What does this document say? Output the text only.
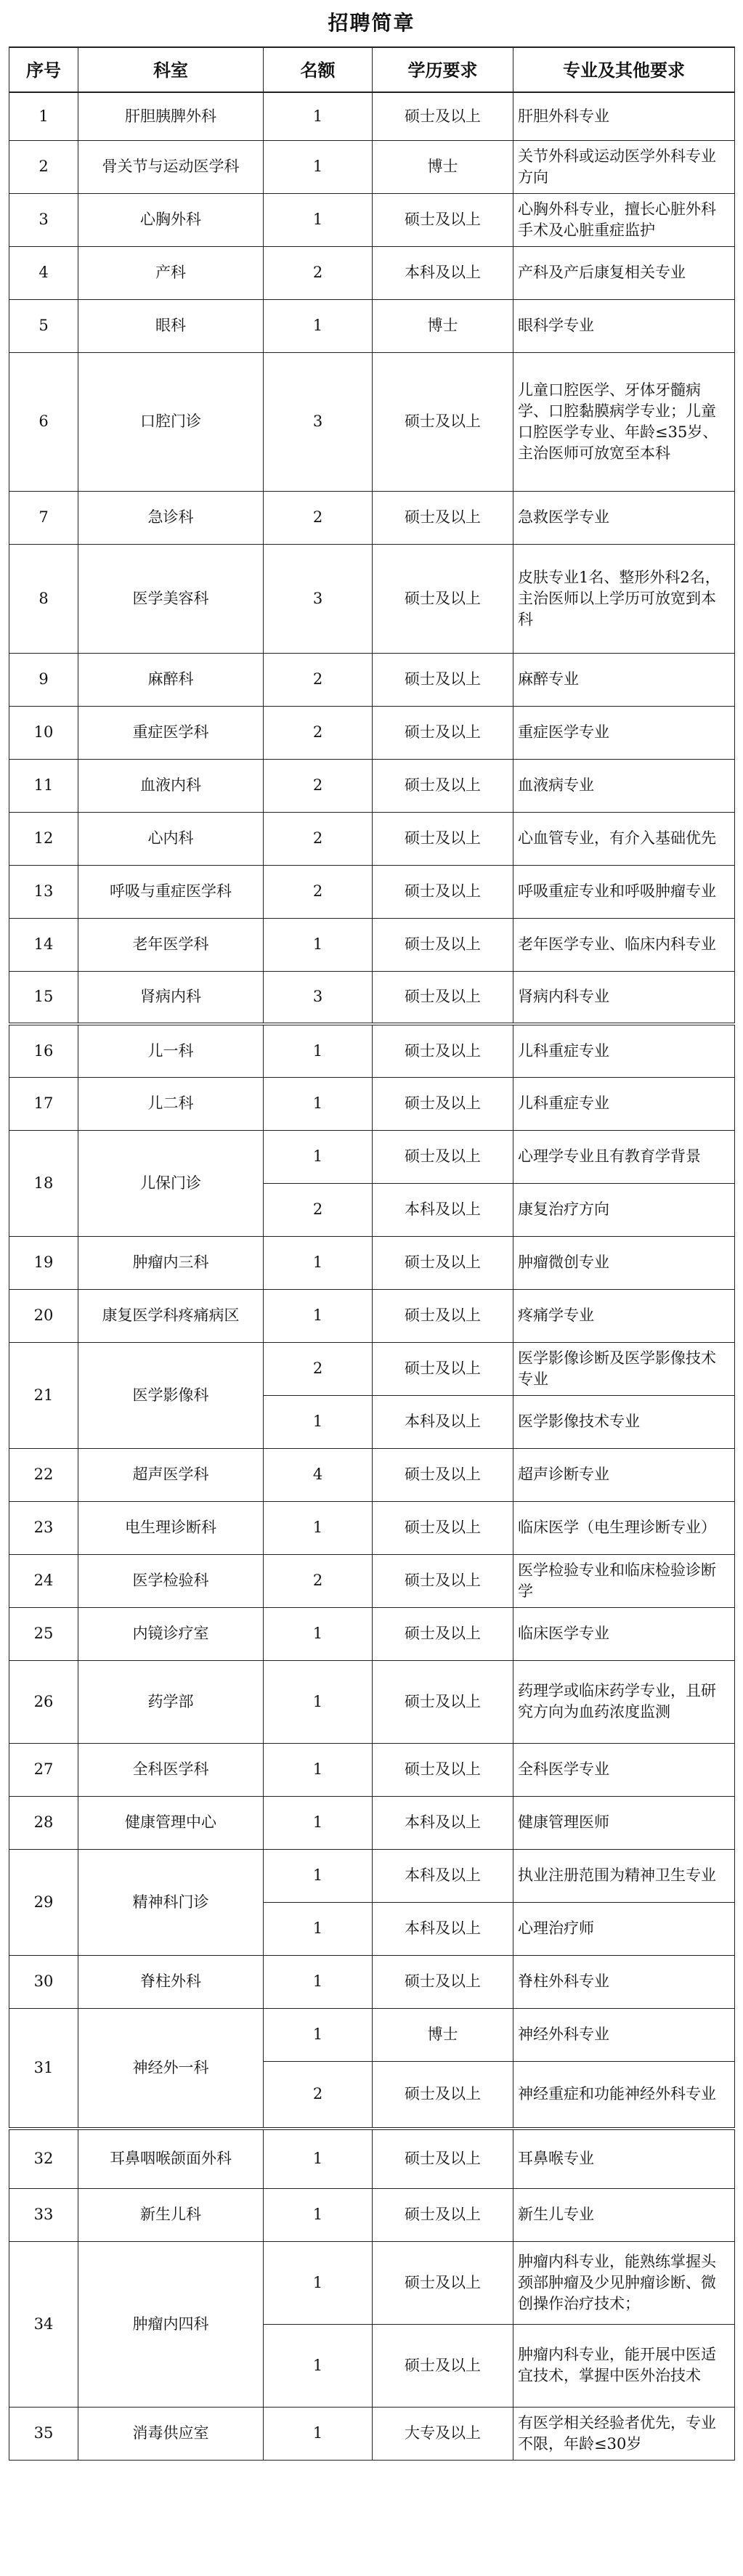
招聘简章
序号	科室	名额	学历要求	专业及其他要求
1	肝胆胰脾外科	1	硕士及以上	肝胆外科专业
2	骨关节与运动医学科	1	博士	关节外科或运动医学外科专业方向
3	心胸外科	1	硕士及以上	心胸外科专业，擅长心脏外科手术及心脏重症监护
4	产科	2	本科及以上	产科及产后康复相关专业
5	眼科	1	博士	眼科学专业
6	口腔门诊	3	硕士及以上	儿童口腔医学、牙体牙髓病学、口腔黏膜病学专业；儿童口腔医学专业、年龄≤35岁、主治医师可放宽至本科
7	急诊科	2	硕士及以上	急救医学专业
8	医学美容科	3	硕士及以上	皮肤专业1名、整形外科2名，主治医师以上学历可放宽到本科
9	麻醉科	2	硕士及以上	麻醉专业
10	重症医学科	2	硕士及以上	重症医学专业
11	血液内科	2	硕士及以上	血液病专业
12	心内科	2	硕士及以上	心血管专业，有介入基础优先
13	呼吸与重症医学科	2	硕士及以上	呼吸重症专业和呼吸肿瘤专业
14	老年医学科	1	硕士及以上	老年医学专业、临床内科专业
15	肾病内科	3	硕士及以上	肾病内科专业
16	儿一科	1	硕士及以上	儿科重症专业
17	儿二科	1	硕士及以上	儿科重症专业
18	儿保门诊	1	硕士及以上	心理学专业且有教育学背景
		2	本科及以上	康复治疗方向
19	肿瘤内三科	1	硕士及以上	肿瘤微创专业
20	康复医学科疼痛病区	1	硕士及以上	疼痛学专业
21	医学影像科	2	硕士及以上	医学影像诊断及医学影像技术专业
		1	本科及以上	医学影像技术专业
22	超声医学科	4	硕士及以上	超声诊断专业
23	电生理诊断科	1	硕士及以上	临床医学（电生理诊断专业）
24	医学检验科	2	硕士及以上	医学检验专业和临床检验诊断学
25	内镜诊疗室	1	硕士及以上	临床医学专业
26	药学部	1	硕士及以上	药理学或临床药学专业，且研究方向为血药浓度监测
27	全科医学科	1	硕士及以上	全科医学专业
28	健康管理中心	1	本科及以上	健康管理医师
29	精神科门诊	1	本科及以上	执业注册范围为精神卫生专业
		1	本科及以上	心理治疗师
30	脊柱外科	1	硕士及以上	脊柱外科专业
31	神经外一科	1	博士	神经外科专业
		2	硕士及以上	神经重症和功能神经外科专业
32	耳鼻咽喉颌面外科	1	硕士及以上	耳鼻喉专业
33	新生儿科	1	硕士及以上	新生儿专业
34	肿瘤内四科	1	硕士及以上	肿瘤内科专业，能熟练掌握头颈部肿瘤及少见肿瘤诊断、微创操作治疗技术；
		1	硕士及以上	肿瘤内科专业，能开展中医适宜技术，掌握中医外治技术
35	消毒供应室	1	大专及以上	有医学相关经验者优先，专业不限，年龄≤30岁
